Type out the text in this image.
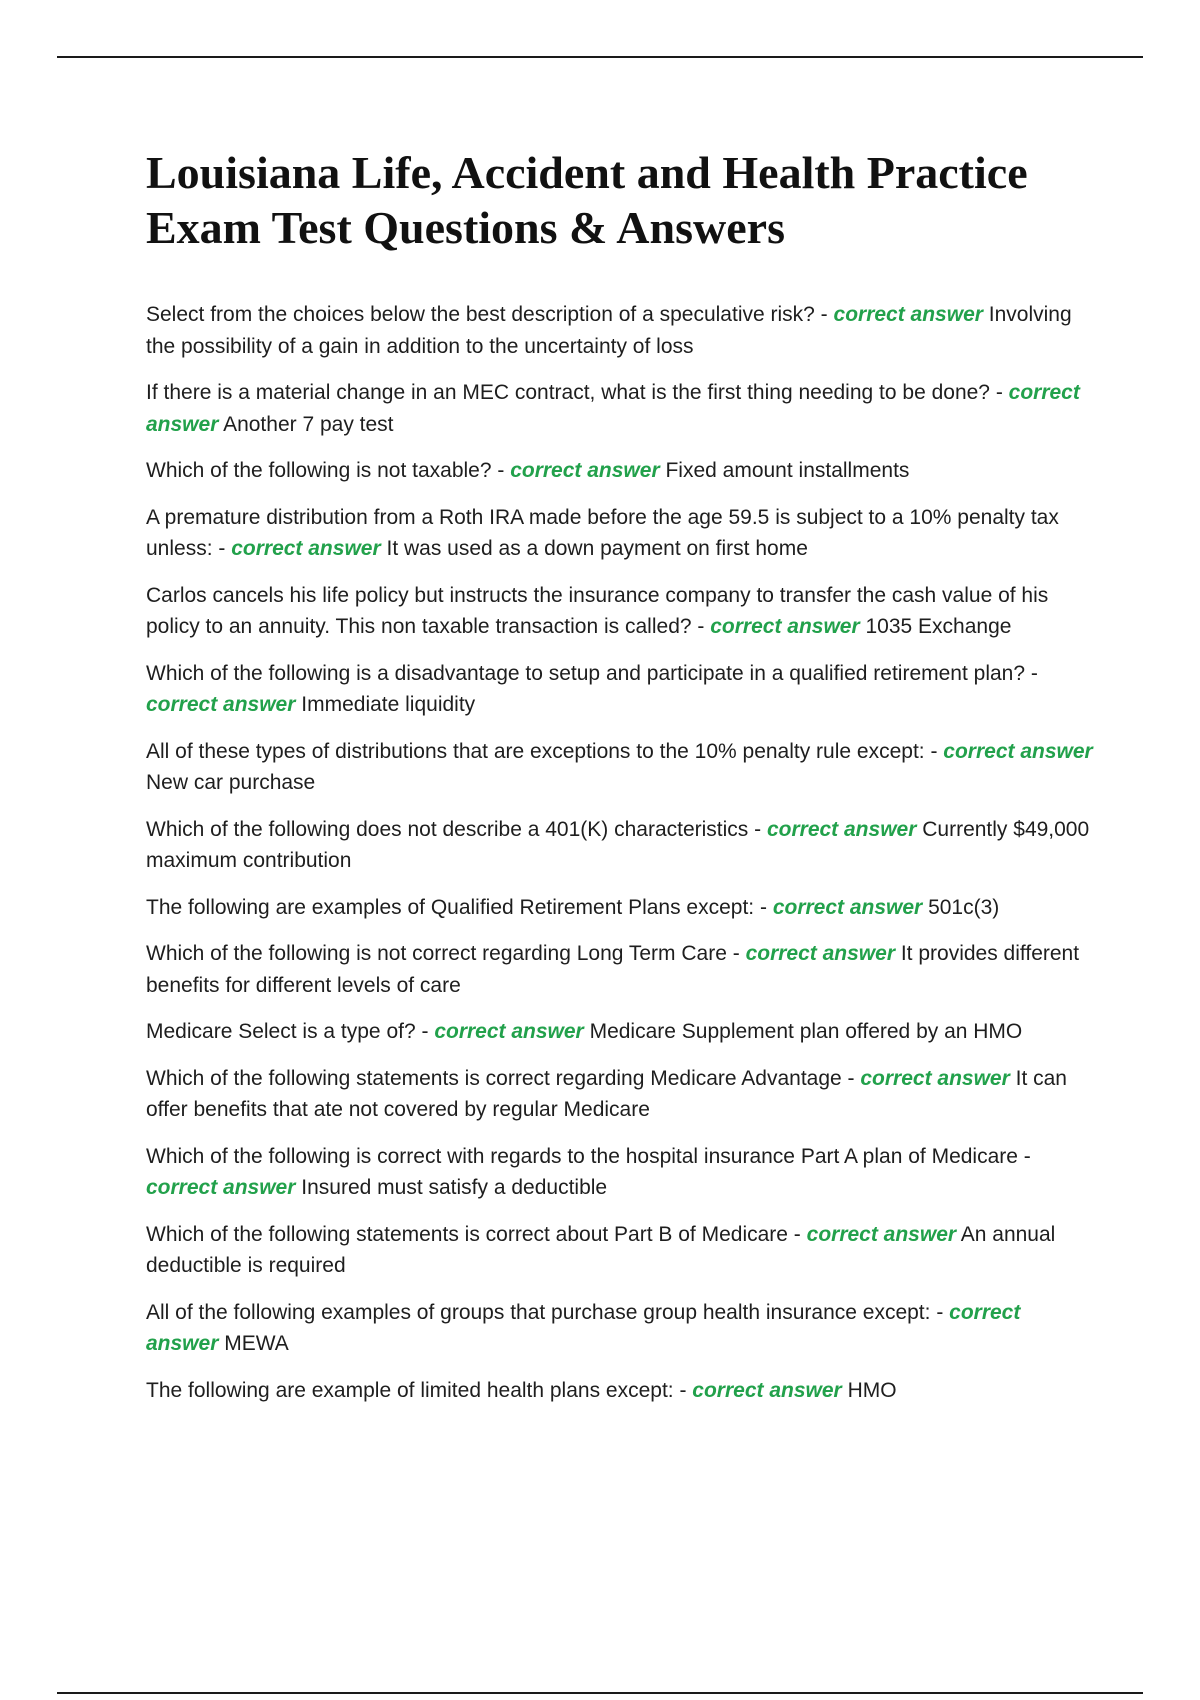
Louisiana Life, Accident and Health Practice Exam Test Questions & Answers

Select from the choices below the best description of a speculative risk? - correct answer Involving the possibility of a gain in addition to the uncertainty of loss

If there is a material change in an MEC contract, what is the first thing needing to be done? - correct answer Another 7 pay test

Which of the following is not taxable? - correct answer Fixed amount installments

A premature distribution from a Roth IRA made before the age 59.5 is subject to a 10% penalty tax unless: - correct answer It was used as a down payment on first home

Carlos cancels his life policy but instructs the insurance company to transfer the cash value of his policy to an annuity. This non taxable transaction is called? - correct answer 1035 Exchange

Which of the following is a disadvantage to setup and participate in a qualified retirement plan? - correct answer Immediate liquidity

All of these types of distributions that are exceptions to the 10% penalty rule except: - correct answer New car purchase

Which of the following does not describe a 401(K) characteristics - correct answer Currently $49,000 maximum contribution

The following are examples of Qualified Retirement Plans except: - correct answer 501c(3)

Which of the following is not correct regarding Long Term Care - correct answer It provides different benefits for different levels of care

Medicare Select is a type of? - correct answer Medicare Supplement plan offered by an HMO

Which of the following statements is correct regarding Medicare Advantage - correct answer It can offer benefits that ate not covered by regular Medicare

Which of the following is correct with regards to the hospital insurance Part A plan of Medicare - correct answer Insured must satisfy a deductible

Which of the following statements is correct about Part B of Medicare - correct answer An annual deductible is required

All of the following examples of groups that purchase group health insurance except: - correct answer MEWA

The following are example of limited health plans except: - correct answer HMO
